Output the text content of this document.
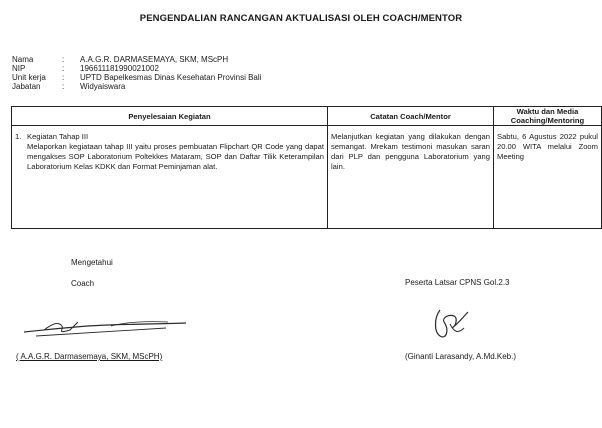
PENGENDALIAN RANCANGAN AKTUALISASI OLEH COACH/MENTOR
Nama	:	A.A.G.R. DARMASEMAYA, SKM, MScPH
NIP	:	196611181990021002
Unit kerja	:	UPTD Bapelkesmas Dinas Kesehatan Provinsi Bali
Jabatan	:	Widyaiswara
Penyelesaian Kegiatan	Catatan Coach/Mentor	Waktu dan Media Coaching/Mentoring

1. Kegiatan Tahap III
Melaporkan kegiataan tahap III yaitu proses pembuatan Flipchart QR Code yang dapat mengakses SOP Laboratorium Poltekkes Mataram, SOP dan Daftar Tilik Keterampilan Laboratorium Kelas KDKK dan Format Peminjaman alat.	Melanjutkan kegiatan yang dilakukan dengan semangat. Mrekam testimoni masukan saran dari PLP dan pengguna Laboratorium yang lain.	Sabtu, 6 Agustus 2022 pukul 20.00 WITA melalui Zoom Meeting
Mengetahui
Coach
( A.A.G.R. Darmasemaya, SKM, MScPH)
Peserta Latsar CPNS Gol.2.3
(Ginanti Larasandy, A.Md.Keb.)
